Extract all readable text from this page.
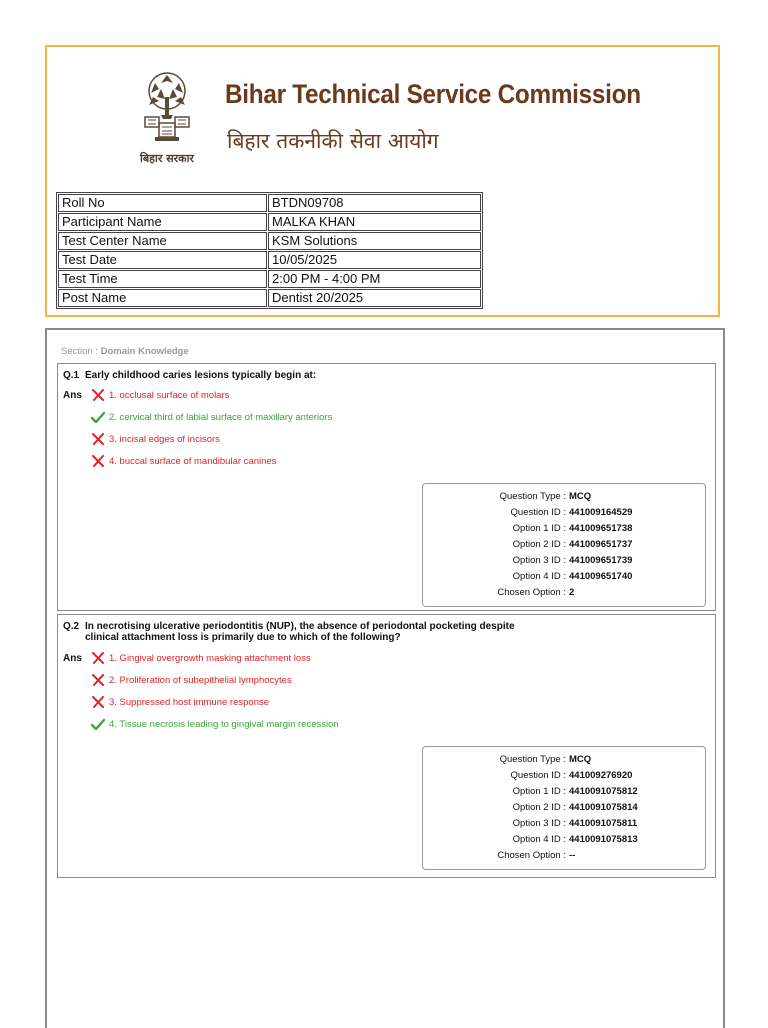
बिहार सरकार
Bihar Technical Service Commission
बिहार तकनीकी सेवा आयोग
Roll No	BTDN09708
Participant Name	MALKA KHAN
Test Center Name	KSM Solutions
Test Date	10/05/2025
Test Time	2:00 PM - 4:00 PM
Post Name	Dentist 20/2025
Section : Domain Knowledge
Q.1 Early childhood caries lesions typically begin at:
Ans	1. occlusal surface of molars
2. cervical third of labial surface of maxillary anteriors
3. incisal edges of incisors
4. buccal surface of mandibular canines
Question Type : MCQ
Question ID : 441009164529
Option 1 ID : 441009651738
Option 2 ID : 441009651737
Option 3 ID : 441009651739
Option 4 ID : 441009651740
Chosen Option : 2
Q.2 In necrotising ulcerative periodontitis (NUP), the absence of periodontal pocketing despite
clinical attachment loss is primarily due to which of the following?
Ans	1. Gingival overgrowth masking attachment loss
2. Proliferation of subepithelial lymphocytes
3. Suppressed host immune response
4. Tissue necrosis leading to gingival margin recession
Question Type : MCQ
Question ID : 441009276920
Option 1 ID : 4410091075812
Option 2 ID : 4410091075814
Option 3 ID : 4410091075811
Option 4 ID : 4410091075813
Chosen Option : --
